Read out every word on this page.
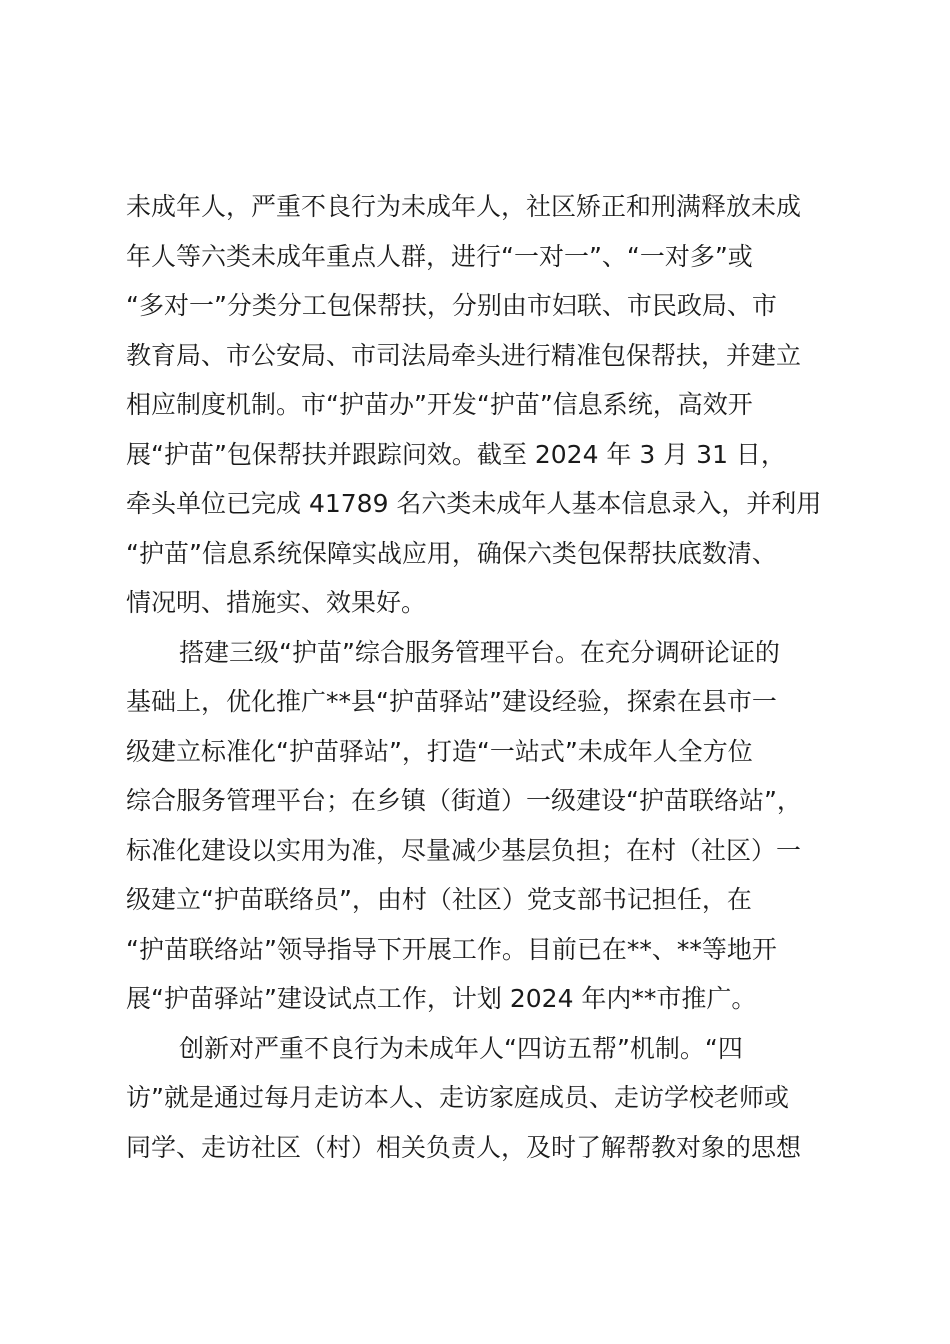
未成年人，严重不良行为未成年人，社区矫正和刑满释放未成
年人等六类未成年重点人群，进行“一对一”、“一对多”或
“多对一”分类分工包保帮扶，分别由市妇联、市民政局、市
教育局、市公安局、市司法局牵头进行精准包保帮扶，并建立
相应制度机制。市“护苗办”开发“护苗”信息系统，高效开
展“护苗”包保帮扶并跟踪问效。截至 2024 年 3 月 31 日，
牵头单位已完成 41789 名六类未成年人基本信息录入，并利用
“护苗”信息系统保障实战应用，确保六类包保帮扶底数清、
情况明、措施实、效果好。
搭建三级“护苗”综合服务管理平台。在充分调研论证的
基础上，优化推广**县“护苗驿站”建设经验，探索在县市一
级建立标准化“护苗驿站”，打造“一站式”未成年人全方位
综合服务管理平台；在乡镇（街道）一级建设“护苗联络站”，
标准化建设以实用为准，尽量减少基层负担；在村（社区）一
级建立“护苗联络员”，由村（社区）党支部书记担任，在
“护苗联络站”领导指导下开展工作。目前已在**、**等地开
展“护苗驿站”建设试点工作，计划 2024 年内**市推广。
创新对严重不良行为未成年人“四访五帮”机制。“四
访”就是通过每月走访本人、走访家庭成员、走访学校老师或
同学、走访社区（村）相关负责人，及时了解帮教对象的思想
